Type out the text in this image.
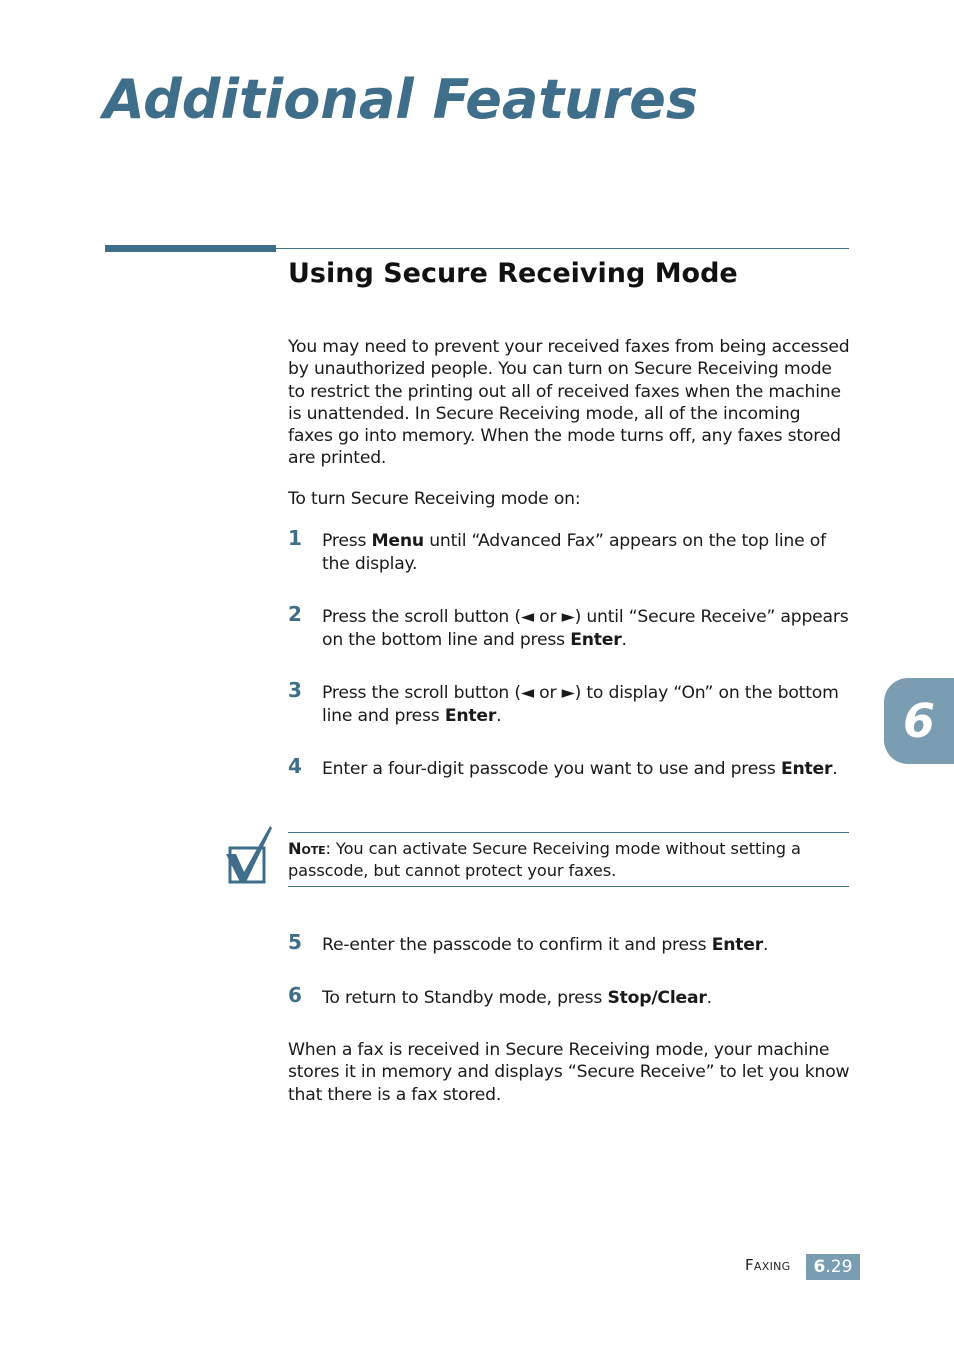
Additional Features
Using Secure Receiving Mode

You may need to prevent your received faxes from being accessed by unauthorized people. You can turn on Secure Receiving mode to restrict the printing out all of received faxes when the machine is unattended. In Secure Receiving mode, all of the incoming faxes go into memory. When the mode turns off, any faxes stored are printed.

To turn Secure Receiving mode on:

1 Press Menu until “Advanced Fax” appears on the top line of the display.
2 Press the scroll button (◄ or ►) until “Secure Receive” appears on the bottom line and press Enter.
3 Press the scroll button (◄ or ►) to display “On” on the bottom line and press Enter.
4 Enter a four-digit passcode you want to use and press Enter.
Note: You can activate Secure Receiving mode without setting a passcode, but cannot protect your faxes.
5 Re-enter the passcode to confirm it and press Enter.
6 To return to Standby mode, press Stop/Clear.

When a fax is received in Secure Receiving mode, your machine stores it in memory and displays “Secure Receive” to let you know that there is a fax stored.

6
Faxing	6.29
